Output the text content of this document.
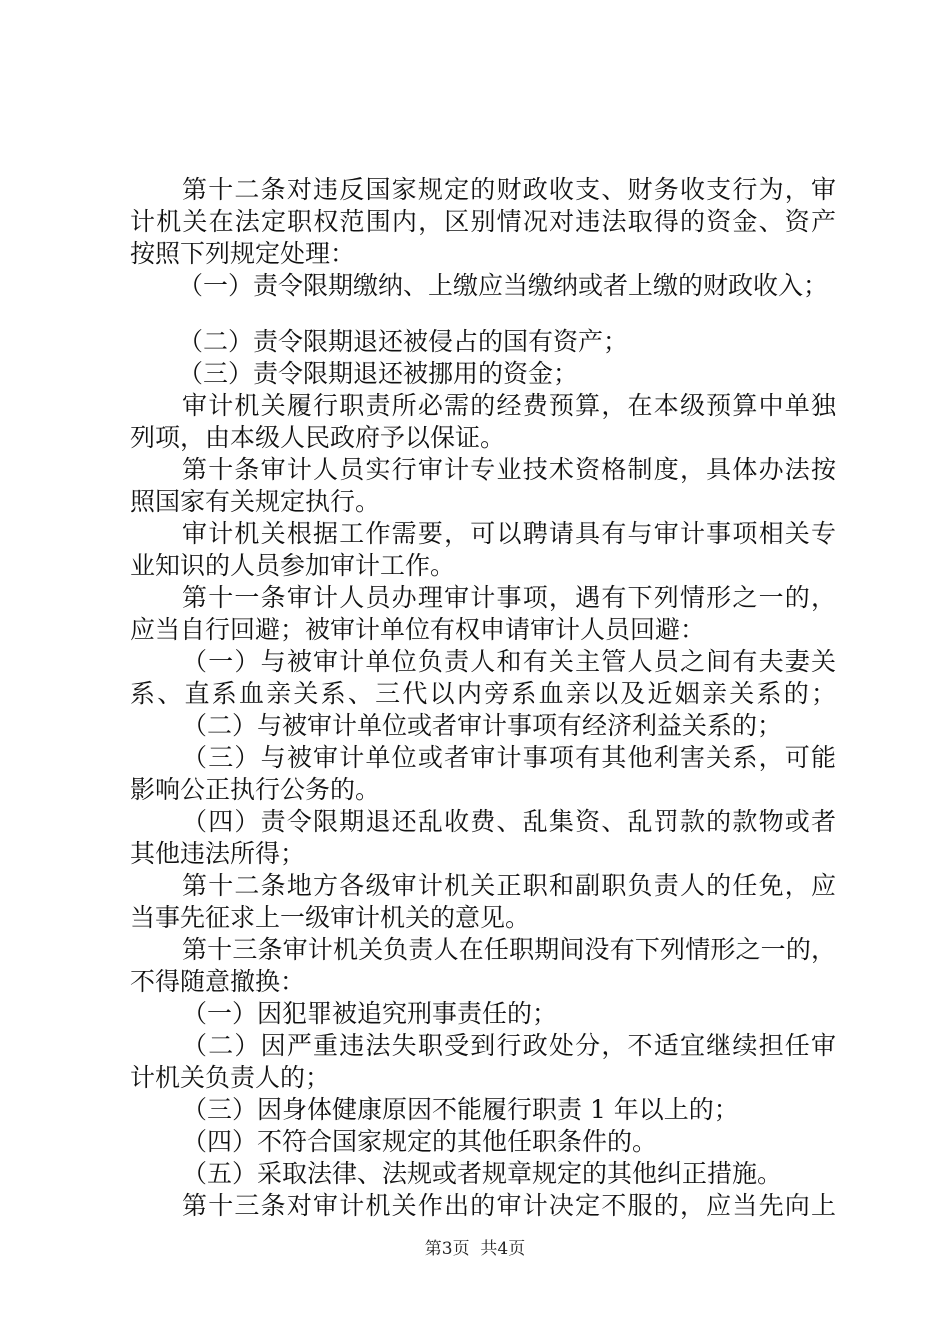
第十二条对违反国家规定的财政收支、财务收支行为，审
计机关在法定职权范围内，区别情况对违法取得的资金、资产
按照下列规定处理：
（一）责令限期缴纳、上缴应当缴纳或者上缴的财政收入；
（二）责令限期退还被侵占的国有资产；
（三）责令限期退还被挪用的资金；
审计机关履行职责所必需的经费预算，在本级预算中单独
列项，由本级人民政府予以保证。
第十条审计人员实行审计专业技术资格制度，具体办法按
照国家有关规定执行。
审计机关根据工作需要，可以聘请具有与审计事项相关专
业知识的人员参加审计工作。
第十一条审计人员办理审计事项，遇有下列情形之一的，
应当自行回避；被审计单位有权申请审计人员回避：
（一）与被审计单位负责人和有关主管人员之间有夫妻关
系、直系血亲关系、三代以内旁系血亲以及近姻亲关系的；
（二）与被审计单位或者审计事项有经济利益关系的；
（三）与被审计单位或者审计事项有其他利害关系，可能
影响公正执行公务的。
（四）责令限期退还乱收费、乱集资、乱罚款的款物或者
其他违法所得；
第十二条地方各级审计机关正职和副职负责人的任免，应
当事先征求上一级审计机关的意见。
第十三条审计机关负责人在任职期间没有下列情形之一的，
不得随意撤换：
（一）因犯罪被追究刑事责任的；
（二）因严重违法失职受到行政处分，不适宜继续担任审
计机关负责人的；
（三）因身体健康原因不能履行职责 1 年以上的；
（四）不符合国家规定的其他任职条件的。
（五）采取法律、法规或者规章规定的其他纠正措施。
第十三条对审计机关作出的审计决定不服的，应当先向上
第3页  共4页
